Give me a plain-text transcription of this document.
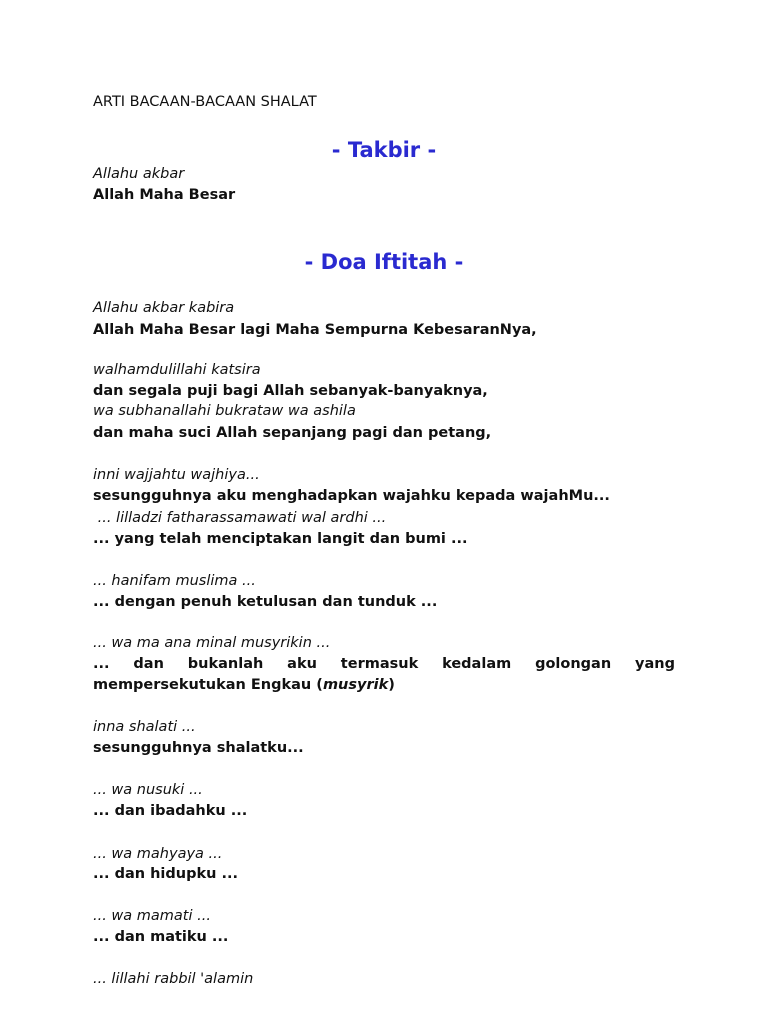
ARTI BACAAN-BACAAN SHALAT
- Takbir -
Allahu akbar
Allah Maha Besar
- Doa Iftitah -
Allahu akbar kabira
Allah Maha Besar lagi Maha Sempurna KebesaranNya,
walhamdulillahi katsira
dan segala puji bagi Allah sebanyak-banyaknya,
wa subhanallahi bukrataw wa ashila
dan maha suci Allah sepanjang pagi dan petang,
inni wajjahtu wajhiya...
sesungguhnya aku menghadapkan wajahku kepada wajahMu...
... lilladzi fatharassamawati wal ardhi ...
... yang telah menciptakan langit dan bumi ...
... hanifam muslima ...
... dengan penuh ketulusan dan tunduk ...
... wa ma ana minal musyrikin ...
... dan bukanlah aku termasuk kedalam golongan yang
mempersekutukan Engkau (musyrik)
inna shalati ...
sesungguhnya shalatku...
... wa nusuki ...
... dan ibadahku ...
... wa mahyaya ...
... dan hidupku ...
... wa mamati ...
... dan matiku ...
... lillahi rabbil 'alamin
